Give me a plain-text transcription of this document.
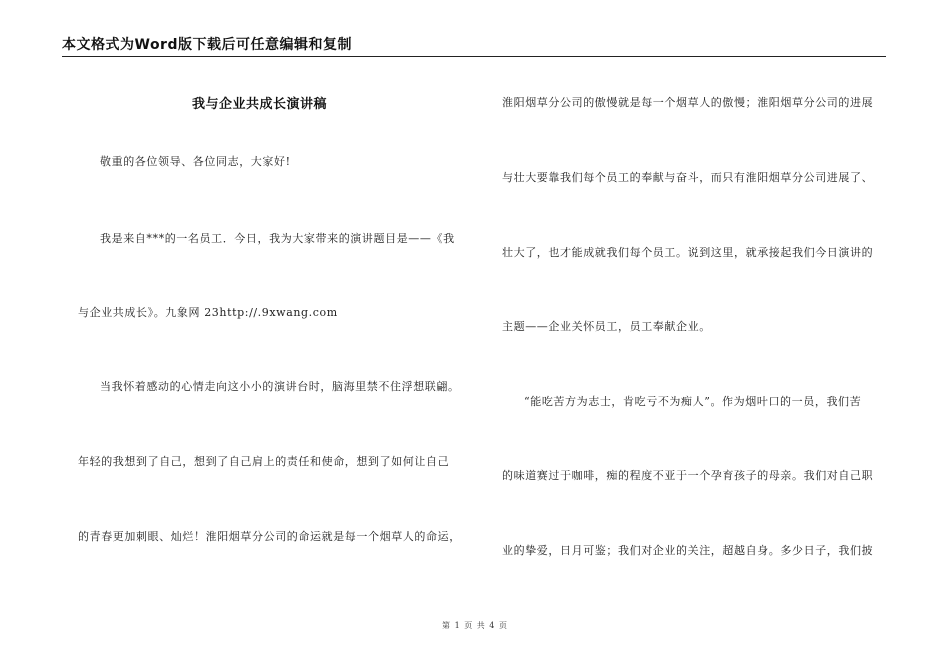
本文格式为Word版下载后可任意编辑和复制
我与企业共成长演讲稿
敬重的各位领导、各位同志，大家好!
我是来自***的一名员工．今日，我为大家带来的演讲题目是——《我
与企业共成长》。九象网 23http://.9xwang.com
当我怀着感动的心情走向这小小的演讲台时，脑海里禁不住浮想联翩。
年轻的我想到了自己，想到了自己肩上的责任和使命，想到了如何让自己
的青春更加刺眼、灿烂！淮阳烟草分公司的命运就是每一个烟草人的命运，
淮阳烟草分公司的傲慢就是每一个烟草人的傲慢；淮阳烟草分公司的进展
与壮大要靠我们每个员工的奉献与奋斗，而只有淮阳烟草分公司进展了、
壮大了，也才能成就我们每个员工。说到这里，就承接起我们今日演讲的
主题——企业关怀员工，员工奉献企业。
“能吃苦方为志士，肯吃亏不为痴人”。作为烟叶口的一员，我们苦
的味道赛过于咖啡，痴的程度不亚于一个孕育孩子的母亲。我们对自己职
业的挚爱，日月可鉴；我们对企业的关注，超越自身。多少日子，我们披
第 1 页 共 4 页
